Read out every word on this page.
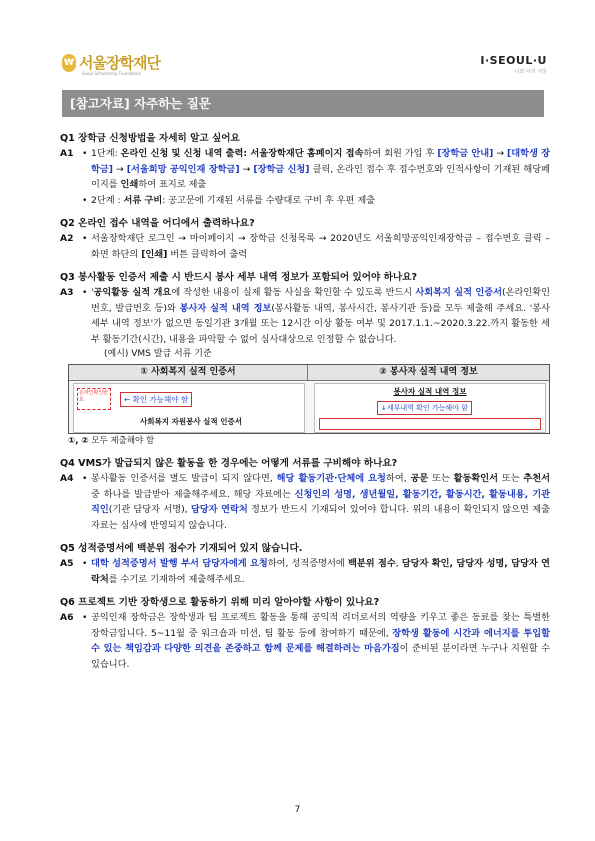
₩ 서울장학재단
Seoul Scholarship Foundation
I·SEOUL·U
너와 나의 서울
[참고자료] 자주하는 질문

Q1 장학금 신청방법을 자세히 알고 싶어요

A1 • 1단계: 온라인 신청 및 신청 내역 출력: 서울장학재단 홈페이지 접속하여 회원 가입 후 [장학금 안내] → [대학생 장학금] → [서울희망 공익인재 장학금] → [장학금 신청] 클릭, 온라인 접수 후 접수번호와 인적사항이 기재된 해당페이지를 인쇄하여 표지로 제출
• 2단계 : 서류 구비: 공고문에 기재된 서류를 수량대로 구비 후 우편 제출

Q2 온라인 접수 내역을 어디에서 출력하나요?

A2 • 서울장학재단 로그인 → 마이페이지 → 장학금 신청목록 → 2020년도 서울희망공익인재장학금 – 접수번호 클릭 – 화면 하단의 [인쇄] 버튼 클릭하여 출력

Q3 봉사활동 인증서 제출 시 반드시 봉사 세부 내역 정보가 포함되어 있어야 하나요?

A3 • '공익활동 실적 개요에 작성한 내용이 실제 활동 사실을 확인할 수 있도록 반드시 사회복지 실적 인증서(온라인확인번호, 발급번호 등)와 봉사자 실적 내역 정보(봉사활동 내역, 봉사시간, 봉사기관 등)를 모두 제출해 주세요. '봉사 세부 내역 정보'가 없으면 동일기관 3개월 또는 12시간 이상 활동 여부 및 2017.1.1.~2020.3.22.까지 활동한 세부 활동기간(시간), 내용을 파악할 수 없어 심사대상으로 인정할 수 없습니다.
(예시) VMS 발급 서류 기준
① 사회복지 실적 인증서	② 봉사자 실적 내역 정보
온라인확인번호	← 확인 가능해야 함
사회복지 자원봉사 실적 인증서
봉사자 실적 내역 정보
↓세부내역 확인 가능해야 함
①, ② 모두 제출해야 함

Q4 VMS가 발급되지 않은 활동을 한 경우에는 어떻게 서류를 구비해야 하나요?

A4 • 봉사활동 인증서를 별도 발급이 되지 않다면, 해당 활동기관·단체에 요청하여, 공문 또는 활동확인서 또는 추천서 중 하나를 발급받아 제출해주세요. 해당 자료에는 신청인의 성명, 생년월일, 활동기간, 활동시간, 활동내용, 기관 직인(기관 담당자 서명), 담당자 연락처 정보가 반드시 기재되어 있어야 합니다. 위의 내용이 확인되지 않으면 제출자료는 심사에 반영되지 않습니다.

Q5 성적증명서에 백분위 점수가 기재되어 있지 않습니다.

A5 • 대학 성적증명서 발행 부서 담당자에게 요청하여, 성적증명서에 백분위 점수, 담당자 확인, 담당자 성명, 담당자 연락처를 수기로 기재하여 제출해주세요.

Q6 프로젝트 기반 장학생으로 활동하기 위해 미리 알아야할 사항이 있나요?

A6 • 공익인재 장학금은 장학생과 팀 프로젝트 활동을 통해 공익적 리더로서의 역량을 키우고 좋은 동료를 찾는 특별한 장학금입니다. 5~11월 중 워크숍과 미션, 팀 활동 등에 참여하기 때문에, 장학생 활동에 시간과 에너지를 투입할 수 있는 책임감과 다양한 의견을 존중하고 함께 문제를 해결하려는 마음가짐이 준비된 분이라면 누구나 지원할 수 있습니다.
7
